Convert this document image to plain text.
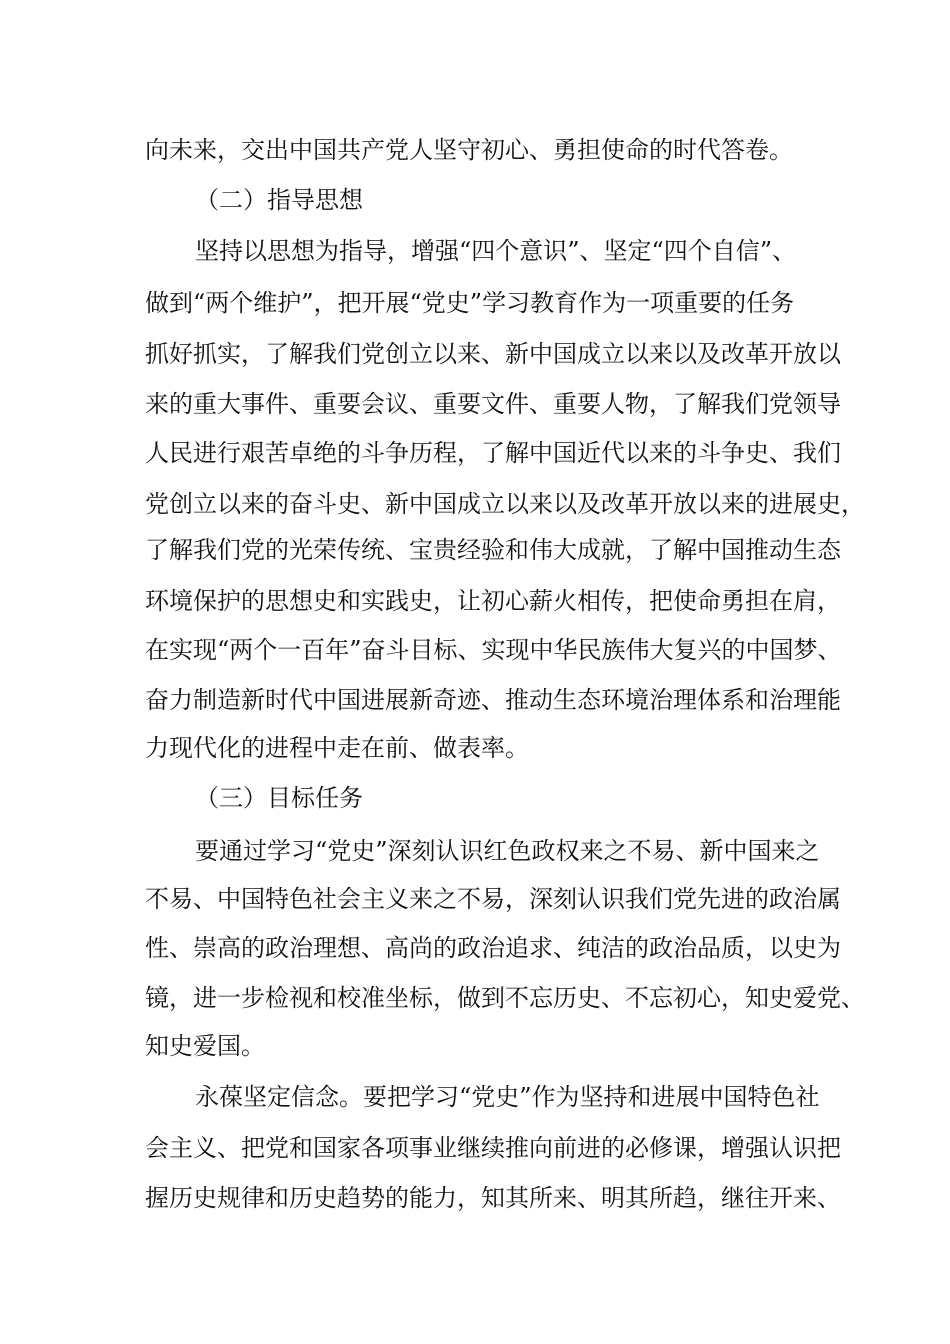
向未来，交出中国共产党人坚守初心、勇担使命的时代答卷。
（二）指导思想
坚持以思想为指导，增强“四个意识”、坚定“四个自信”、
做到“两个维护”，把开展“党史”学习教育作为一项重要的任务
抓好抓实，了解我们党创立以来、新中国成立以来以及改革开放以
来的重大事件、重要会议、重要文件、重要人物，了解我们党领导
人民进行艰苦卓绝的斗争历程，了解中国近代以来的斗争史、我们
党创立以来的奋斗史、新中国成立以来以及改革开放以来的进展史，
了解我们党的光荣传统、宝贵经验和伟大成就，了解中国推动生态
环境保护的思想史和实践史，让初心薪火相传，把使命勇担在肩，
在实现“两个一百年”奋斗目标、实现中华民族伟大复兴的中国梦、
奋力制造新时代中国进展新奇迹、推动生态环境治理体系和治理能
力现代化的进程中走在前、做表率。
（三）目标任务
要通过学习“党史”深刻认识红色政权来之不易、新中国来之
不易、中国特色社会主义来之不易，深刻认识我们党先进的政治属
性、崇高的政治理想、高尚的政治追求、纯洁的政治品质，以史为
镜，进一步检视和校准坐标，做到不忘历史、不忘初心，知史爱党、
知史爱国。
永葆坚定信念。要把学习“党史”作为坚持和进展中国特色社
会主义、把党和国家各项事业继续推向前进的必修课，增强认识把
握历史规律和历史趋势的能力，知其所来、明其所趋，继往开来、
